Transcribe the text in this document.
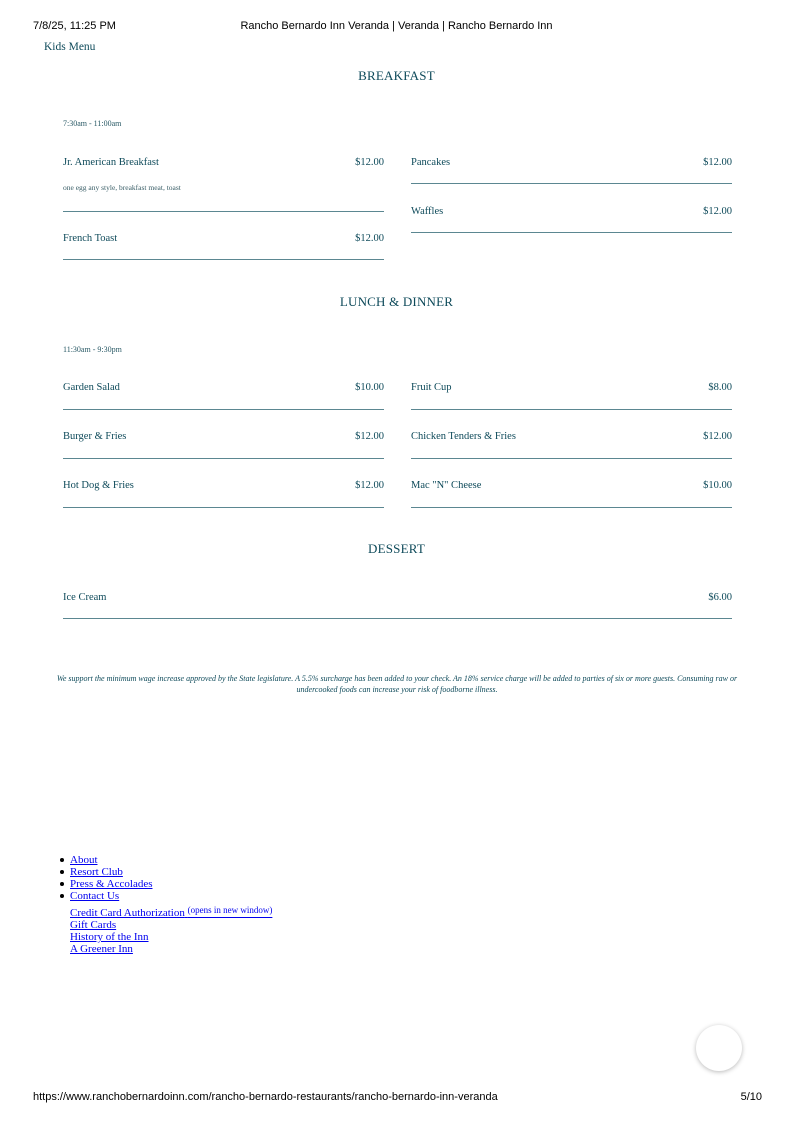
7/8/25, 11:25 PM	Rancho Bernardo Inn Veranda | Veranda | Rancho Bernardo Inn
Kids Menu
BREAKFAST
7:30am - 11:00am
Jr. American Breakfast	$12.00
one egg any style, breakfast meat, toast
Pancakes	$12.00
Waffles	$12.00
French Toast	$12.00
LUNCH & DINNER
11:30am - 9:30pm
Garden Salad	$10.00	Fruit Cup	$8.00
Burger & Fries	$12.00	Chicken Tenders & Fries	$12.00
Hot Dog & Fries	$12.00	Mac "N" Cheese	$10.00
DESSERT
Ice Cream	$6.00
We support the minimum wage increase approved by the State legislature. A 5.5% surcharge has been added to your check. An 18% service charge will be added to parties of six or more guests. Consuming raw or undercooked foods can increase your risk of foodborne illness.
About
Resort Club
Press & Accolades
Contact Us
Credit Card Authorization $^{(opens in new window)}$
Gift Cards
History of the Inn
A Greener Inn
https://www.ranchobernardoinn.com/rancho-bernardo-restaurants/rancho-bernardo-inn-veranda	5/10
